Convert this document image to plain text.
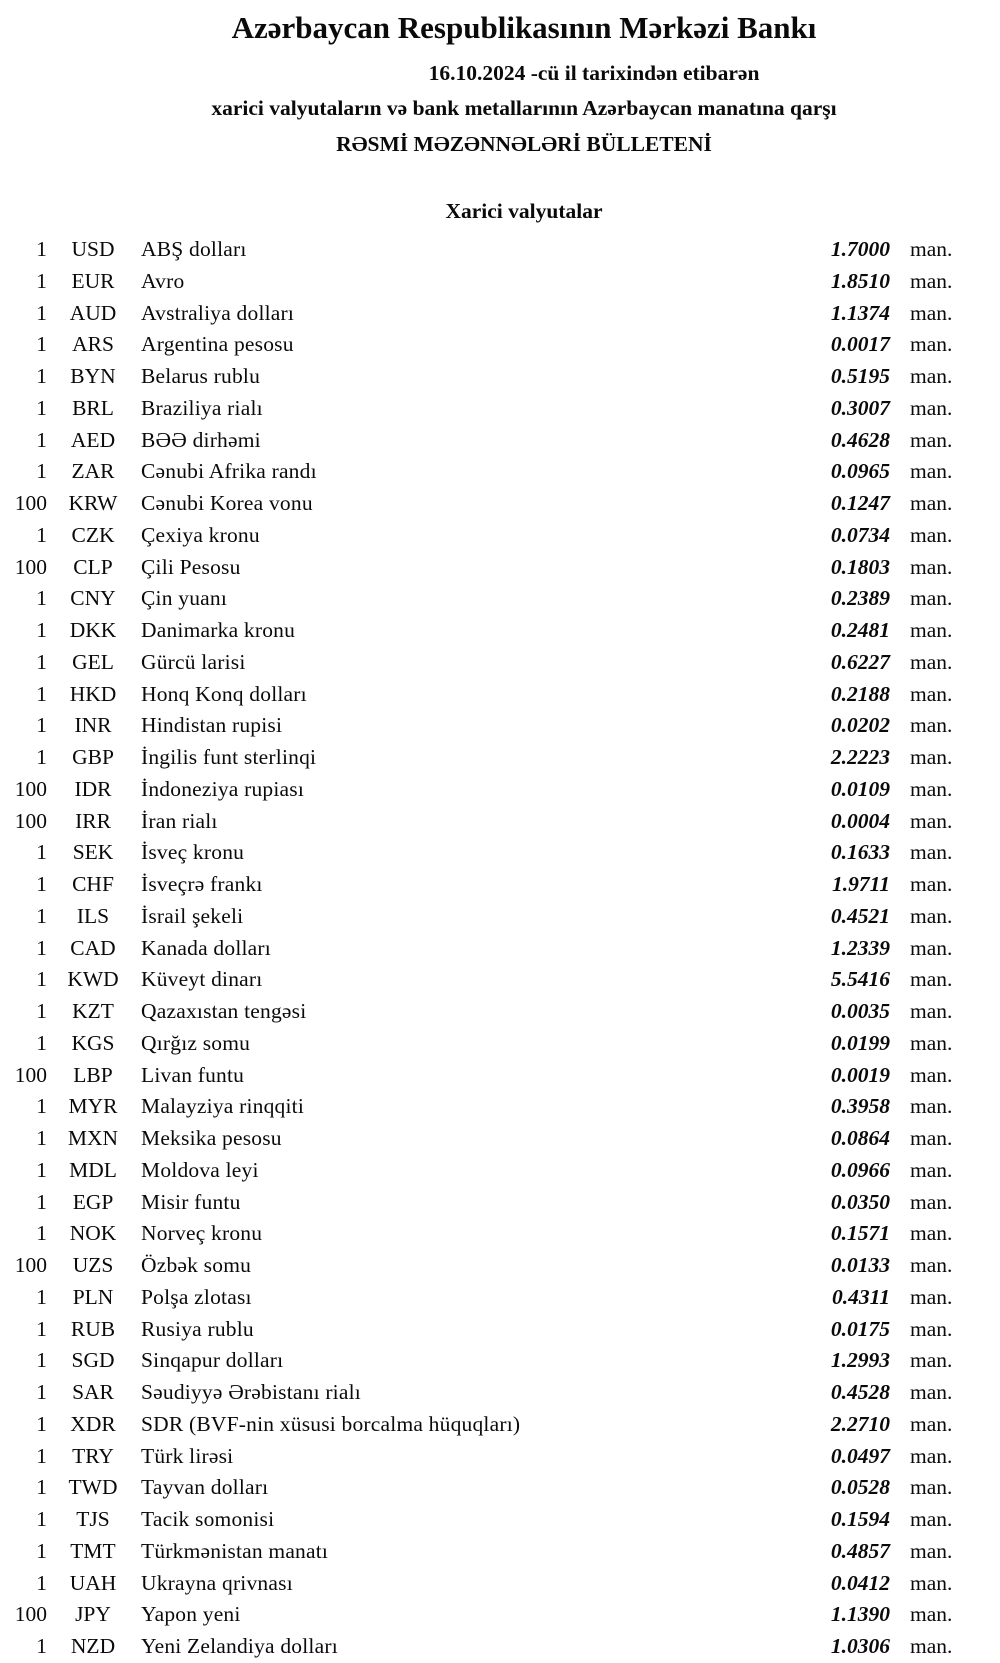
Azərbaycan Respublikasının Mərkəzi Bankı
16.10.2024 -cü il tarixindən etibarən
xarici valyutaların və bank metallarının Azərbaycan manatına qarşı
RƏSMİ MƏZƏNNƏLƏRİ BÜLLETENİ
Xarici valyutalar
1	USD	ABŞ dolları	1.7000 man.
1	EUR	Avro	1.8510 man.
1	AUD	Avstraliya dolları	1.1374 man.
1	ARS	Argentina pesosu	0.0017 man.
1	BYN	Belarus rublu	0.5195 man.
1	BRL	Braziliya rialı	0.3007 man.
1	AED	BƏƏ dirhəmi	0.4628 man.
1	ZAR	Cənubi Afrika randı	0.0965 man.
100	KRW	Cənubi Korea vonu	0.1247 man.
1	CZK	Çexiya kronu	0.0734 man.
100	CLP	Çili Pesosu	0.1803 man.
1	CNY	Çin yuanı	0.2389 man.
1	DKK	Danimarka kronu	0.2481 man.
1	GEL	Gürcü larisi	0.6227 man.
1	HKD	Honq Konq dolları	0.2188 man.
1	INR	Hindistan rupisi	0.0202 man.
1	GBP	İngilis funt sterlinqi	2.2223 man.
100	IDR	İndoneziya rupiası	0.0109 man.
100	IRR	İran rialı	0.0004 man.
1	SEK	İsveç kronu	0.1633 man.
1	CHF	İsveçrə frankı	1.9711 man.
1	ILS	İsrail şekeli	0.4521 man.
1	CAD	Kanada dolları	1.2339 man.
1 KWD	Küveyt dinarı	5.5416 man.
1	KZT	Qazaxıstan tengəsi	0.0035 man.
1	KGS	Qırğız somu	0.0199 man.
100	LBP	Livan funtu	0.0019 man.
1	MYR	Malayziya rinqqiti	0.3958 man.
1 MXN	Meksika pesosu	0.0864 man.
1	MDL	Moldova leyi	0.0966 man.
1	EGP	Misir funtu	0.0350 man.
1	NOK	Norveç kronu	0.1571 man.
100	UZS	Özbək somu	0.0133 man.
1	PLN	Polşa zlotası	0.4311 man.
1	RUB	Rusiya rublu	0.0175 man.
1	SGD	Sinqapur dolları	1.2993 man.
1	SAR	Səudiyyə Ərəbistanı rialı	0.4528 man.
1	XDR	SDR (BVF-nin xüsusi borcalma hüquqları)	2.2710 man.
1	TRY	Türk lirəsi	0.0497 man.
1	TWD	Tayvan dolları	0.0528 man.
1	TJS	Tacik somonisi	0.1594 man.
1	TMT	Türkmənistan manatı	0.4857 man.
1	UAH	Ukrayna qrivnası	0.0412 man.
100	JPY	Yapon yeni	1.1390 man.
1	NZD	Yeni Zelandiya dolları	1.0306 man.
